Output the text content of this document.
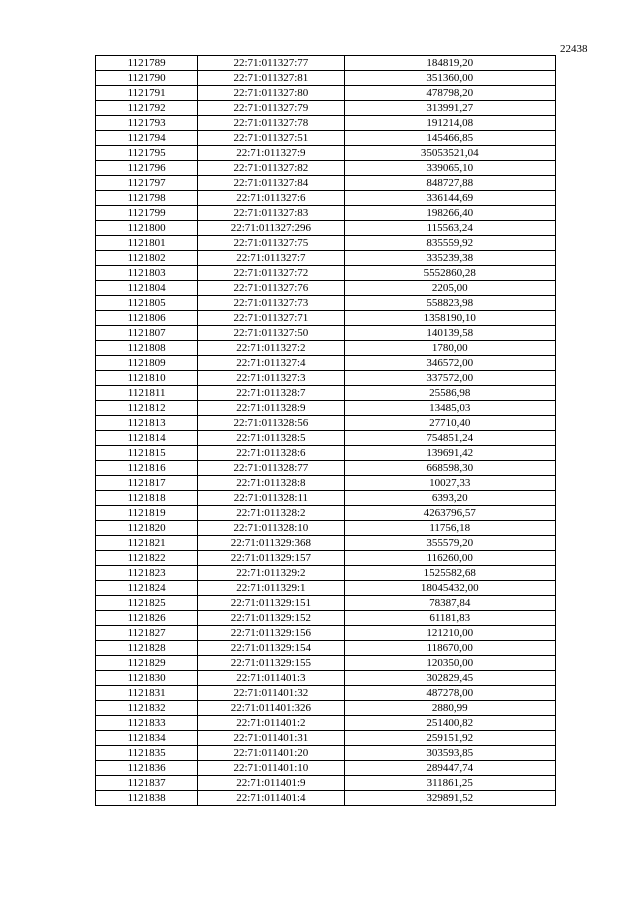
22438
1121789	22:71:011327:77	184819,20
1121790	22:71:011327:81	351360,00
1121791	22:71:011327:80	478798,20
1121792	22:71:011327:79	313991,27
1121793	22:71:011327:78	191214,08
1121794	22:71:011327:51	145466,85
1121795	22:71:011327:9	35053521,04
1121796	22:71:011327:82	339065,10
1121797	22:71:011327:84	848727,88
1121798	22:71:011327:6	336144,69
1121799	22:71:011327:83	198266,40
1121800	22:71:011327:296	115563,24
1121801	22:71:011327:75	835559,92
1121802	22:71:011327:7	335239,38
1121803	22:71:011327:72	5552860,28
1121804	22:71:011327:76	2205,00
1121805	22:71:011327:73	558823,98
1121806	22:71:011327:71	1358190,10
1121807	22:71:011327:50	140139,58
1121808	22:71:011327:2	1780,00
1121809	22:71:011327:4	346572,00
1121810	22:71:011327:3	337572,00
1121811	22:71:011328:7	25586,98
1121812	22:71:011328:9	13485,03
1121813	22:71:011328:56	27710,40
1121814	22:71:011328:5	754851,24
1121815	22:71:011328:6	139691,42
1121816	22:71:011328:77	668598,30
1121817	22:71:011328:8	10027,33
1121818	22:71:011328:11	6393,20
1121819	22:71:011328:2	4263796,57
1121820	22:71:011328:10	11756,18
1121821	22:71:011329:368	355579,20
1121822	22:71:011329:157	116260,00
1121823	22:71:011329:2	1525582,68
1121824	22:71:011329:1	18045432,00
1121825	22:71:011329:151	78387,84
1121826	22:71:011329:152	61181,83
1121827	22:71:011329:156	121210,00
1121828	22:71:011329:154	118670,00
1121829	22:71:011329:155	120350,00
1121830	22:71:011401:3	302829,45
1121831	22:71:011401:32	487278,00
1121832	22:71:011401:326	2880,99
1121833	22:71:011401:2	251400,82
1121834	22:71:011401:31	259151,92
1121835	22:71:011401:20	303593,85
1121836	22:71:011401:10	289447,74
1121837	22:71:011401:9	311861,25
1121838	22:71:011401:4	329891,52
